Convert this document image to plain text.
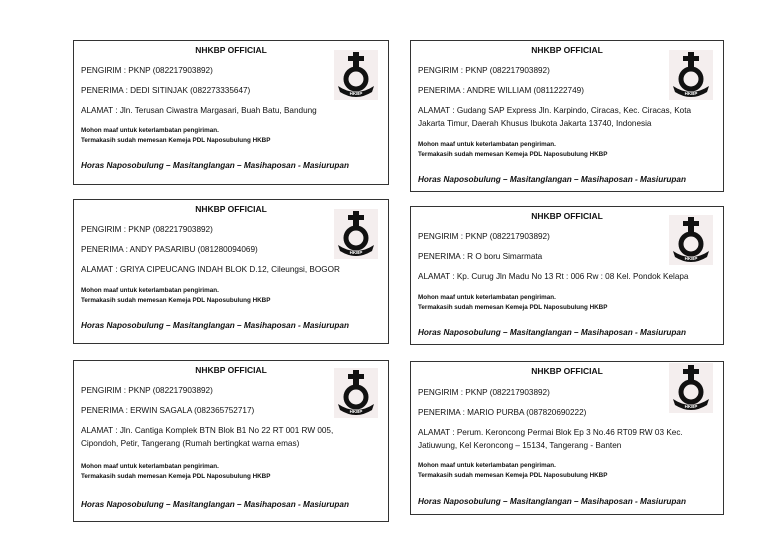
NHKBP OFFICIAL
HKBP
PENGIRIM : PKNP (082217903892)
PENERIMA : DEDI SITINJAK (082273335647)
ALAMAT : Jln. Terusan Ciwastra Margasari, Buah Batu, Bandung
Mohon maaf untuk keterlambatan pengiriman.
Termakasih sudah memesan Kemeja PDL Naposubulung HKBP
Horas Naposobulung – Masitanglangan – Masihaposan - Masiurupan
NHKBP OFFICIAL
HKBP
PENGIRIM : PKNP (082217903892)
PENERIMA : ANDRE WILLIAM (0811222749)
ALAMAT : Gudang SAP Express Jln. Karpindo, Ciracas, Kec. Ciracas, Kota Jakarta Timur, Daerah Khusus Ibukota Jakarta 13740, Indonesia
Mohon maaf untuk keterlambatan pengiriman.
Termakasih sudah memesan Kemeja PDL Naposubulung HKBP
Horas Naposobulung – Masitanglangan – Masihaposan - Masiurupan
NHKBP OFFICIAL
HKBP
PENGIRIM : PKNP (082217903892)
PENERIMA : ANDY PASARIBU (081280094069)
ALAMAT : GRIYA CIPEUCANG INDAH BLOK D.12, Cileungsi, BOGOR
Mohon maaf untuk keterlambatan pengiriman.
Termakasih sudah memesan Kemeja PDL Naposubulung HKBP
Horas Naposobulung – Masitanglangan – Masihaposan - Masiurupan
NHKBP OFFICIAL
HKBP
PENGIRIM : PKNP (082217903892)
PENERIMA : R O boru Simarmata
ALAMAT : Kp. Curug Jln Madu No 13 Rt : 006 Rw : 08 Kel. Pondok Kelapa
Mohon maaf untuk keterlambatan pengiriman.
Termakasih sudah memesan Kemeja PDL Naposubulung HKBP
Horas Naposobulung – Masitanglangan – Masihaposan - Masiurupan
NHKBP OFFICIAL
HKBP
PENGIRIM : PKNP (082217903892)
PENERIMA : ERWIN SAGALA (082365752717)
ALAMAT : Jln. Cantiga Komplek BTN Blok B1 No 22 RT 001 RW 005, Cipondoh, Petir, Tangerang (Rumah bertingkat warna emas)
Mohon maaf untuk keterlambatan pengiriman.
Termakasih sudah memesan Kemeja PDL Naposubulung HKBP
Horas Naposobulung – Masitanglangan – Masihaposan - Masiurupan
NHKBP OFFICIAL
HKBP
PENGIRIM : PKNP (082217903892)
PENERIMA : MARIO PURBA (087820690222)
ALAMAT : Perum. Keroncong Permai Blok Ep 3 No.46 RT09 RW 03 Kec. Jatiuwung, Kel Keroncong – 15134, Tangerang - Banten
Mohon maaf untuk keterlambatan pengiriman.
Termakasih sudah memesan Kemeja PDL Naposubulung HKBP
Horas Naposobulung – Masitanglangan – Masihaposan - Masiurupan
